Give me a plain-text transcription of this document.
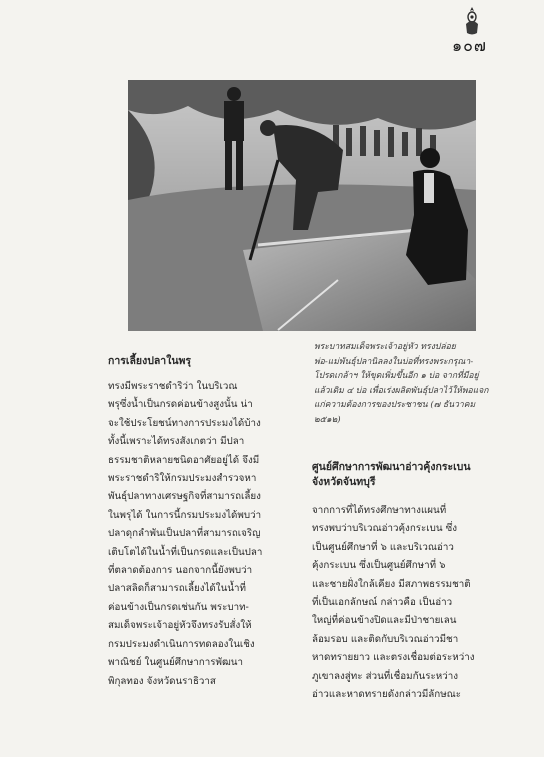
๑๐๗

พระบาทสมเด็จพระเจ้าอยู่หัว ทรงปล่อย
พ่อ-แม่พันธุ์ปลานิลลงในบ่อที่ทรงพระกรุณา-
โปรดเกล้าฯ ให้ขุดเพิ่มขึ้นอีก ๑ บ่อ จากที่มีอยู่
แล้วเดิม ๔ บ่อ เพื่อเร่งผลิตพันธุ์ปลาไว้ให้พอแจก
แก่ความต้องการของประชาชน (๗ ธันวาคม
๒๕๑๒)

การเลี้ยงปลาในพรุ

ทรงมีพระราชดำริว่า ในบริเวณ
พรุซึ่งน้ำเป็นกรดค่อนข้างสูงนั้น น่า
จะใช้ประโยชน์ทางการประมงได้บ้าง
ทั้งนี้เพราะได้ทรงสังเกตว่า มีปลา
ธรรมชาติหลายชนิดอาศัยอยู่ได้ จึงมี
พระราชดำริให้กรมประมงสำรวจหา
พันธุ์ปลาทางเศรษฐกิจที่สามารถเลี้ยง
ในพรุได้ ในการนี้กรมประมงได้พบว่า
ปลาดุกลำพันเป็นปลาที่สามารถเจริญ
เติบโตได้ในน้ำที่เป็นกรดและเป็นปลา
ที่ตลาดต้องการ นอกจากนี้ยังพบว่า
ปลาสลิดก็สามารถเลี้ยงได้ในน้ำที่
ค่อนข้างเป็นกรดเช่นกัน พระบาท-
สมเด็จพระเจ้าอยู่หัวจึงทรงรับสั่งให้
กรมประมงดำเนินการทดลองในเชิง
พาณิชย์ ในศูนย์ศึกษาการพัฒนา
พิกุลทอง จังหวัดนราธิวาส

ศูนย์ศึกษาการพัฒนาอ่าวคุ้งกระเบน
จังหวัดจันทบุรี

จากการที่ได้ทรงศึกษาทางแผนที่
ทรงพบว่าบริเวณอ่าวคุ้งกระเบน ซึ่ง
เป็นศูนย์ศึกษาที่ ๖ และบริเวณอ่าว
คุ้งกระเบน ซึ่งเป็นศูนย์ศึกษาที่ ๖
และชายฝั่งใกล้เคียง มีสภาพธรรมชาติ
ที่เป็นเอกลักษณ์ กล่าวคือ เป็นอ่าว
ใหญ่ที่ค่อนข้างปิดและมีป่าชายเลน
ล้อมรอบ และติดกับบริเวณอ่าวมีชา
หาดทรายยาว และตรงเชื่อมต่อระหว่าง
ภูเขาลงสู่ทะ ส่วนที่เชื่อมกันระหว่าง
อ่าวและหาดทรายดังกล่าวมีลักษณะ
